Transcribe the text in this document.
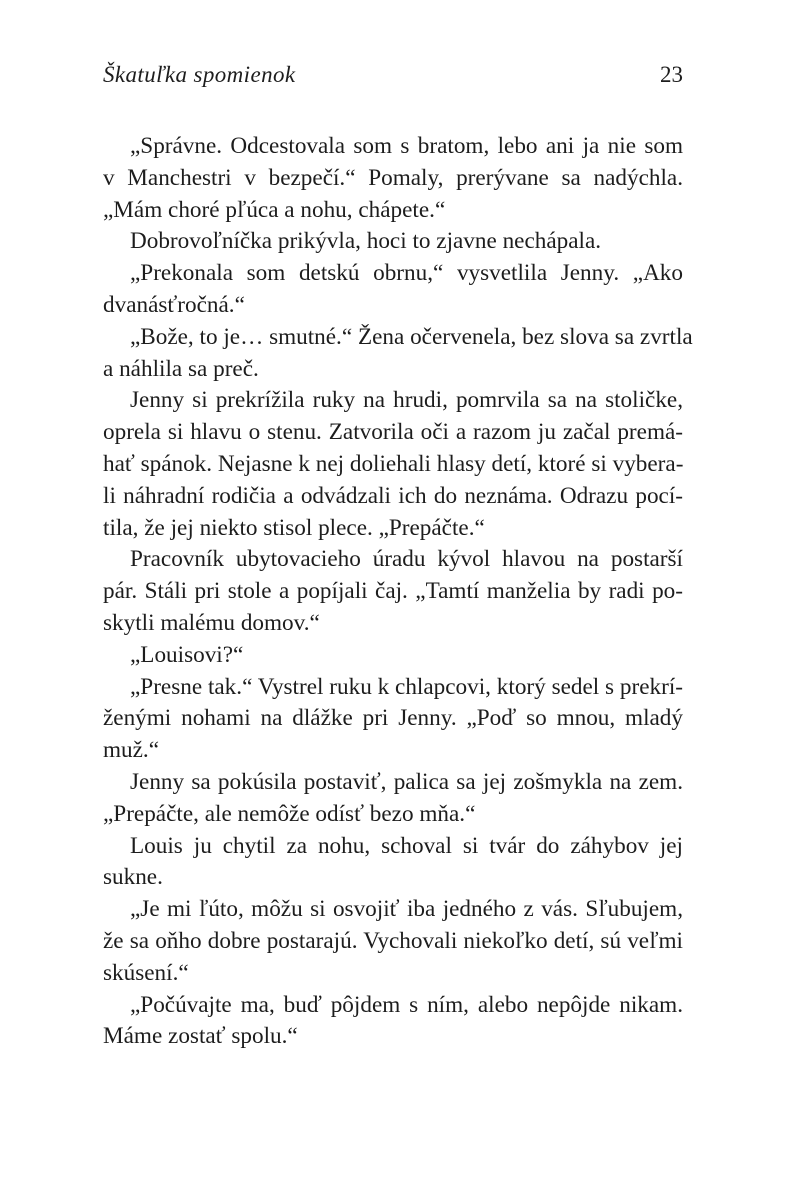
Škatuľka spomienok	23
„Správne. Odcestovala som s bratom, lebo ani ja nie som
v Manchestri v bezpečí.“ Pomaly, prerývane sa nadýchla.
„Mám choré pľúca a nohu, chápete.“
Dobrovoľníčka prikývla, hoci to zjavne nechápala.
„Prekonala som detskú obrnu,“ vysvetlila Jenny. „Ako
dvanásťročná.“
„Bože, to je… smutné.“ Žena očervenela, bez slova sa zvrtla
a náhlila sa preč.
Jenny si prekrížila ruky na hrudi, pomrvila sa na stoličke,
oprela si hlavu o stenu. Zatvorila oči a razom ju začal premá-
hať spánok. Nejasne k nej doliehali hlasy detí, ktoré si vybera-
li náhradní rodičia a odvádzali ich do neznáma. Odrazu pocí-
tila, že jej niekto stisol plece. „Prepáčte.“
Pracovník ubytovacieho úradu kývol hlavou na postarší
pár. Stáli pri stole a popíjali čaj. „Tamtí manželia by radi po-
skytli malému domov.“
„Louisovi?“
„Presne tak.“ Vystrel ruku k chlapcovi, ktorý sedel s prekrí-
ženými nohami na dlážke pri Jenny. „Poď so mnou, mladý
muž.“
Jenny sa pokúsila postaviť, palica sa jej zošmykla na zem.
„Prepáčte, ale nemôže odísť bezo mňa.“
Louis ju chytil za nohu, schoval si tvár do záhybov jej
sukne.
„Je mi ľúto, môžu si osvojiť iba jedného z vás. Sľubujem,
že sa oňho dobre postarajú. Vychovali niekoľko detí, sú veľmi
skúsení.“
„Počúvajte ma, buď pôjdem s ním, alebo nepôjde nikam.
Máme zostať spolu.“
